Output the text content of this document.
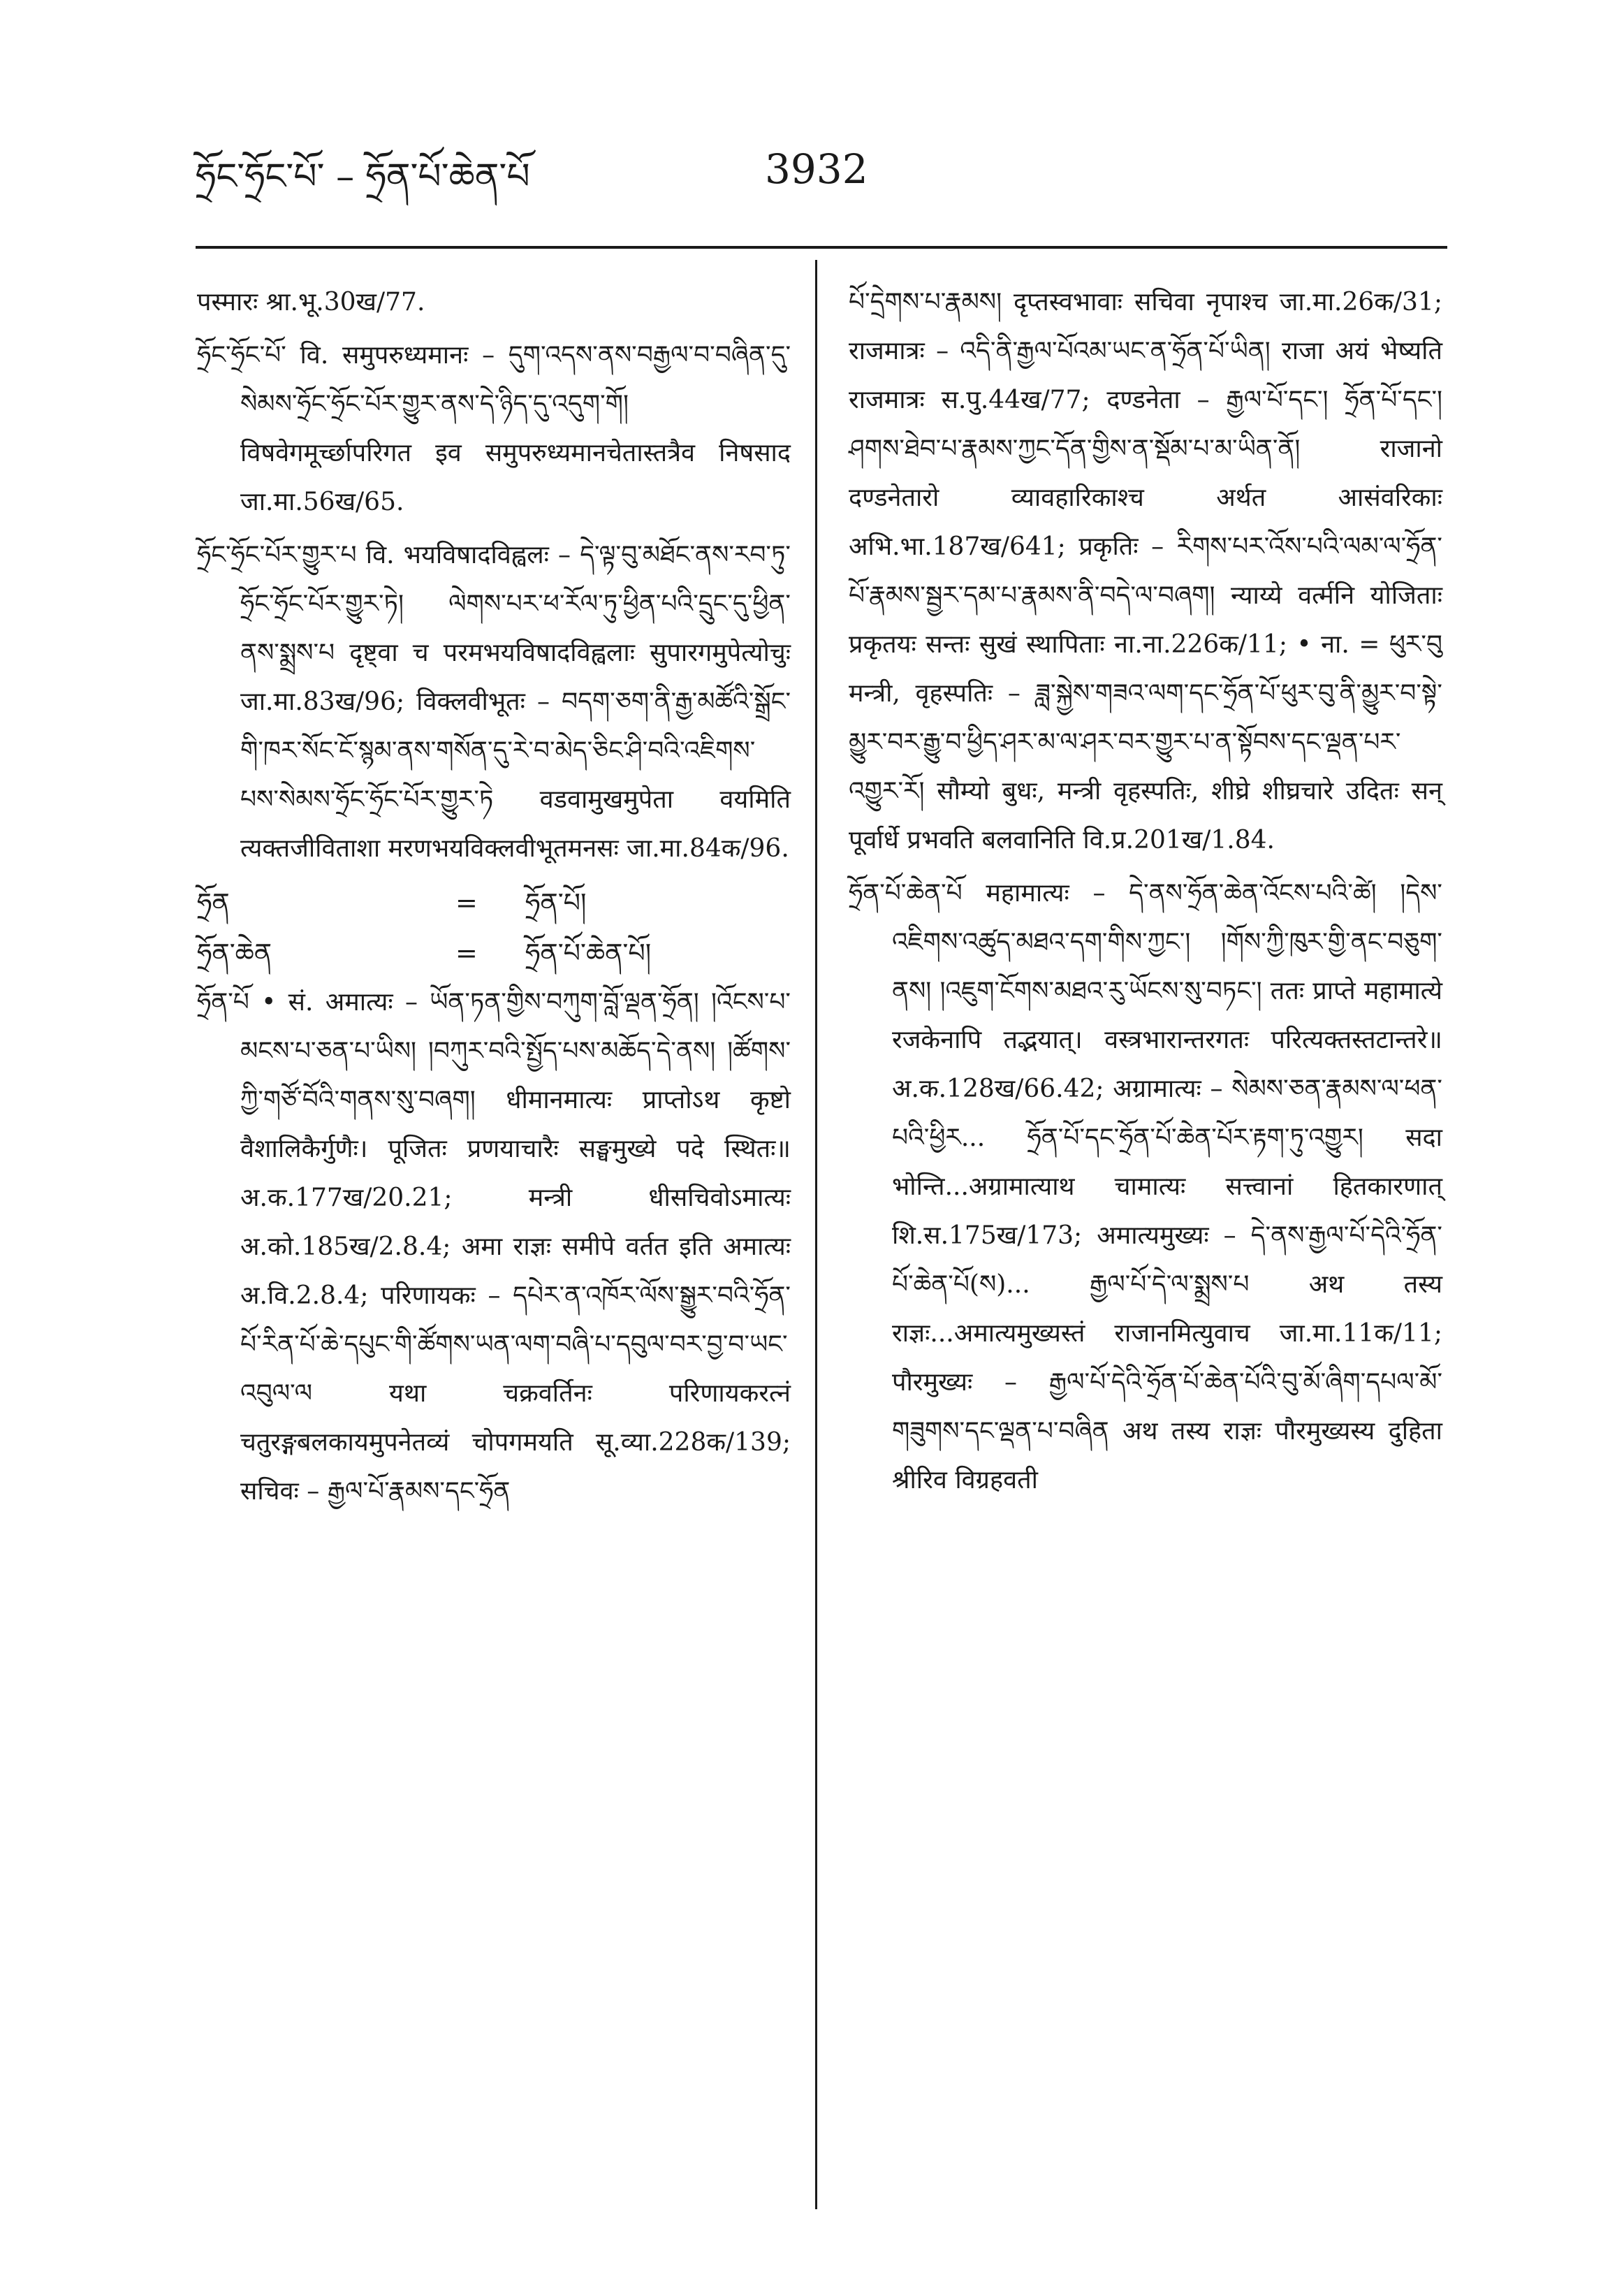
ཧྲོང་ཧྲོང་པོ་ – ཧྲོན་པོ་ཆེན་པོ	3932

पस्मारः श्रा.भू.30ख/77.

ཧྲོང་ཧྲོང་པོ་ वि. समुपरुध्यमानः – དུག་འདས་ནས་བརྒྱལ་བ་བཞིན་དུ་སེམས་ཧྲོང་ཧྲོང་པོར་གྱུར་ནས་དེ་ཉིད་དུ་འདུག་གོ། विषवेगमूर्च्छापरिगत इव समुपरुध्यमानचेतास्तत्रैव निषसाद जा.मा.56ख/65.

ཧྲོང་ཧྲོང་པོར་གྱུར་པ वि. भयविषादविह्वलः – དེ་ལྟ་བུ་མཐོང་ནས་རབ་ཏུ་ཧྲོང་ཧྲོང་པོར་གྱུར་ཏེ། ལེགས་པར་ཕ་རོལ་ཏུ་ཕྱིན་པའི་དྲུང་དུ་ཕྱིན་ནས་སྨྲས་པ दृष्ट्वा च परमभयविषादविह्वलाः सुपारगमुपेत्योचुः जा.मा.83ख/96; विक्लवीभूतः – བདག་ཅག་ནི་རྒྱ་མཚོའི་སྒྲོང་གི་ཁར་སོང་ངོ་སྙམ་ནས་གསོན་དུ་རེ་བ་མེད་ཅིང་ཤི་བའི་འཇིགས་པས་སེམས་ཧྲོང་ཧྲོང་པོར་གྱུར་ཏེ वडवामुखमुपेता वयमिति त्यक्तजीविताशा मरणभयविक्लवीभूतमनसः जा.मा.84क/96.

ཧྲོན	=	ཧྲོན་པོ།
ཧྲོན་ཆེན	=	ཧྲོན་པོ་ཆེན་པོ།

ཧྲོན་པོ • सं. अमात्यः – ཡོན་ཏན་གྱིས་བཀུག་བློ་ལྡན་ཧྲོན། །འོངས་པ་མངས་པ་ཅན་པ་ཡིས། །བཀུར་བའི་སྤྱོད་པས་མཆོད་དེ་ནས། །ཚོགས་ཀྱི་གཙོ་བོའི་གནས་སུ་བཞག། धीमानमात्यः प्राप्तोऽथ कृष्टो वैशालिकैर्गुणैः। पूजितः प्रणयाचारैः सङ्घमुख्ये पदे स्थितः॥ अ.क.177ख/20.21; मन्त्री धीसचिवोऽमात्यः अ.को.185ख/2.8.4; अमा राज्ञः समीपे वर्तत इति अमात्यः अ.वि.2.8.4; परिणायकः – དཔེར་ན་འཁོར་ལོས་སྒྱུར་བའི་ཧྲོན་པོ་རིན་པོ་ཆེ་དཔུང་གི་ཚོགས་ཡན་ལག་བཞི་པ་དབུལ་བར་བྱ་བ་ཡང་འབུལ་ལ यथा चक्रवर्तिनः परिणायकरत्नं चतुरङ्गबलकायमुपनेतव्यं चोपगमयति सू.व्या.228क/139; सचिवः – རྒྱལ་པོ་རྣམས་དང་ཧྲོན

པོ་དྲེགས་པ་རྣམས། दृप्तस्वभावाः सचिवा नृपाश्च जा.मा.26क/31; राजमात्रः – འདི་ནི་རྒྱལ་པོའམ་ཡང་ན་ཧྲོན་པོ་ཡིན། राजा अयं भेष्यति राजमात्रः स.पु.44ख/77; दण्डनेता – རྒྱལ་པོ་དང་། ཧྲོན་པོ་དང་། ཤགས་ཐེབ་པ་རྣམས་ཀྱང་དོན་གྱིས་ན་སྡོམ་པ་མ་ཡིན་ནོ། राजानो दण्डनेतारो व्यावहारिकाश्च अर्थत आसंवरिकाः अभि.भा.187ख/641; प्रकृतिः – རིགས་པར་འོས་པའི་ལམ་ལ་ཧྲོན་པོ་རྣམས་སྦྱར་དམ་པ་རྣམས་ནི་བདེ་ལ་བཞག། न्याय्ये वर्त्मनि योजिताः प्रकृतयः सन्तः सुखं स्थापिताः ना.ना.226क/11; • ना. = ཕུར་བུ मन्त्री, वृहस्पतिः – ཟླ་སྐྱེས་གཟའ་ལག་དང་ཧྲོན་པོ་ཕུར་བུ་ནི་མྱུར་བ་སྟེ་མྱུར་བར་རྒྱུ་བ་ཕྱིད་ཤར་མ་ལ་ཤར་བར་གྱུར་པ་ན་སྟོབས་དང་ལྡན་པར་འགྱུར་རོ། सौम्यो बुधः, मन्त्री वृहस्पतिः, शीघ्रे शीघ्रचारे उदितः सन् पूर्वार्धे प्रभवति बलवानिति वि.प्र.201ख/1.84.

ཧྲོན་པོ་ཆེན་པོ महामात्यः – དེ་ནས་ཧྲོན་ཆེན་འོངས་པའི་ཚེ། །དེས་འཇིགས་འཚུད་མཐའ་དག་གིས་ཀྱང་། །གོས་ཀྱི་ཁུར་གྱི་ནང་བཅུག་ནས། །འཇུག་ངོགས་མཐའ་རུ་ཡོངས་སུ་བཏང་། ततः प्राप्ते महामात्ये रजकेनापि तद्भयात्। वस्त्रभारान्तरगतः परित्यक्तस्तटान्तरे॥ अ.क.128ख/66.42; अग्रामात्यः – སེམས་ཅན་རྣམས་ལ་ཕན་པའི་ཕྱིར... ཧྲོན་པོ་དང་ཧྲོན་པོ་ཆེན་པོར་རྟག་ཏུ་འགྱུར། सदा भोन्ति...अग्रामात्याथ चामात्यः सत्त्वानां हितकारणात् शि.स.175ख/173; अमात्यमुख्यः – དེ་ནས་རྒྱལ་པོ་དེའི་ཧྲོན་པོ་ཆེན་པོ(ས)... རྒྱལ་པོ་དེ་ལ་སྨྲས་པ अथ तस्य राज्ञः...अमात्यमुख्यस्तं राजानमित्युवाच जा.मा.11क/11; पौरमुख्यः – རྒྱལ་པོ་དེའི་ཧྲོན་པོ་ཆེན་པོའི་བུ་མོ་ཞིག་དཔལ་མོ་གཟུགས་དང་ལྡན་པ་བཞིན अथ तस्य राज्ञः पौरमुख्यस्य दुहिता श्रीरिव विग्रहवती
